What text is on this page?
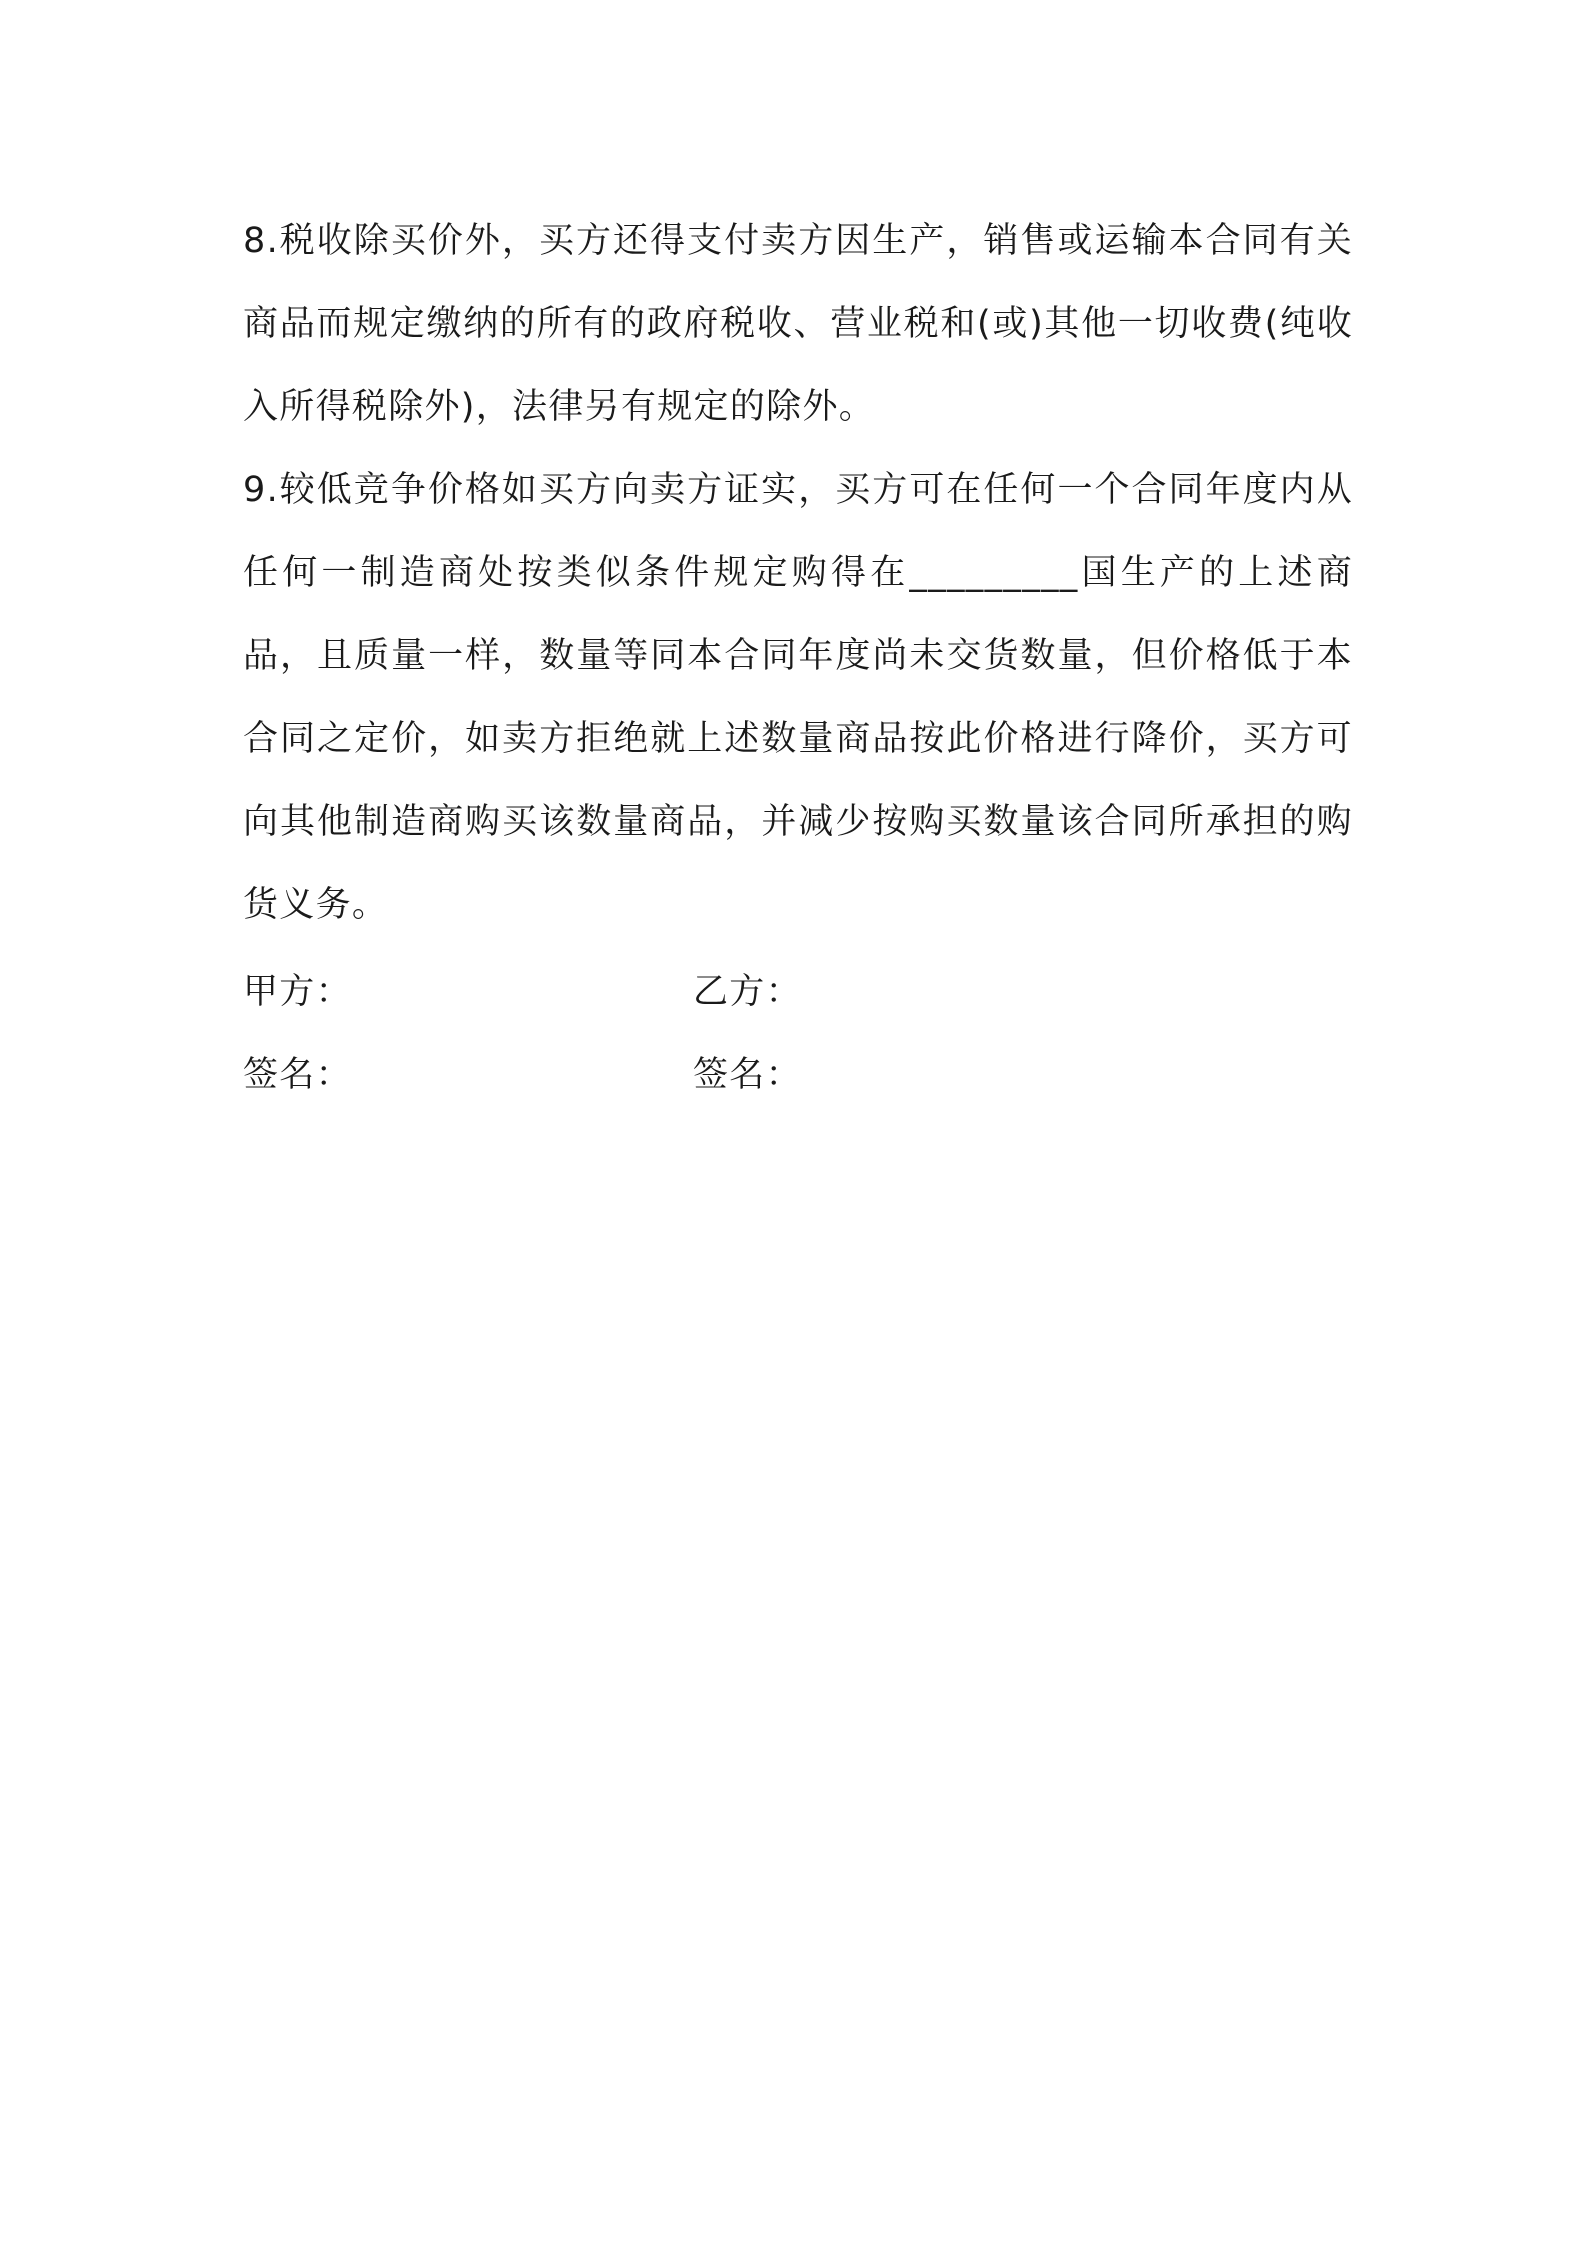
8.税收除买价外，买方还得支付卖方因生产，销售或运输本合同有关商品而规定缴纳的所有的政府税收、营业税和(或)其他一切收费(纯收入所得税除外)，法律另有规定的除外。

9.较低竞争价格如买方向卖方证实，买方可在任何一个合同年度内从任何一制造商处按类似条件规定购得在_________国生产的上述商品，且质量一样，数量等同本合同年度尚未交货数量，但价格低于本合同之定价，如卖方拒绝就上述数量商品按此价格进行降价，买方可向其他制造商购买该数量商品，并减少按购买数量该合同所承担的购货义务。

甲方：	乙方：
签名：	签名：
